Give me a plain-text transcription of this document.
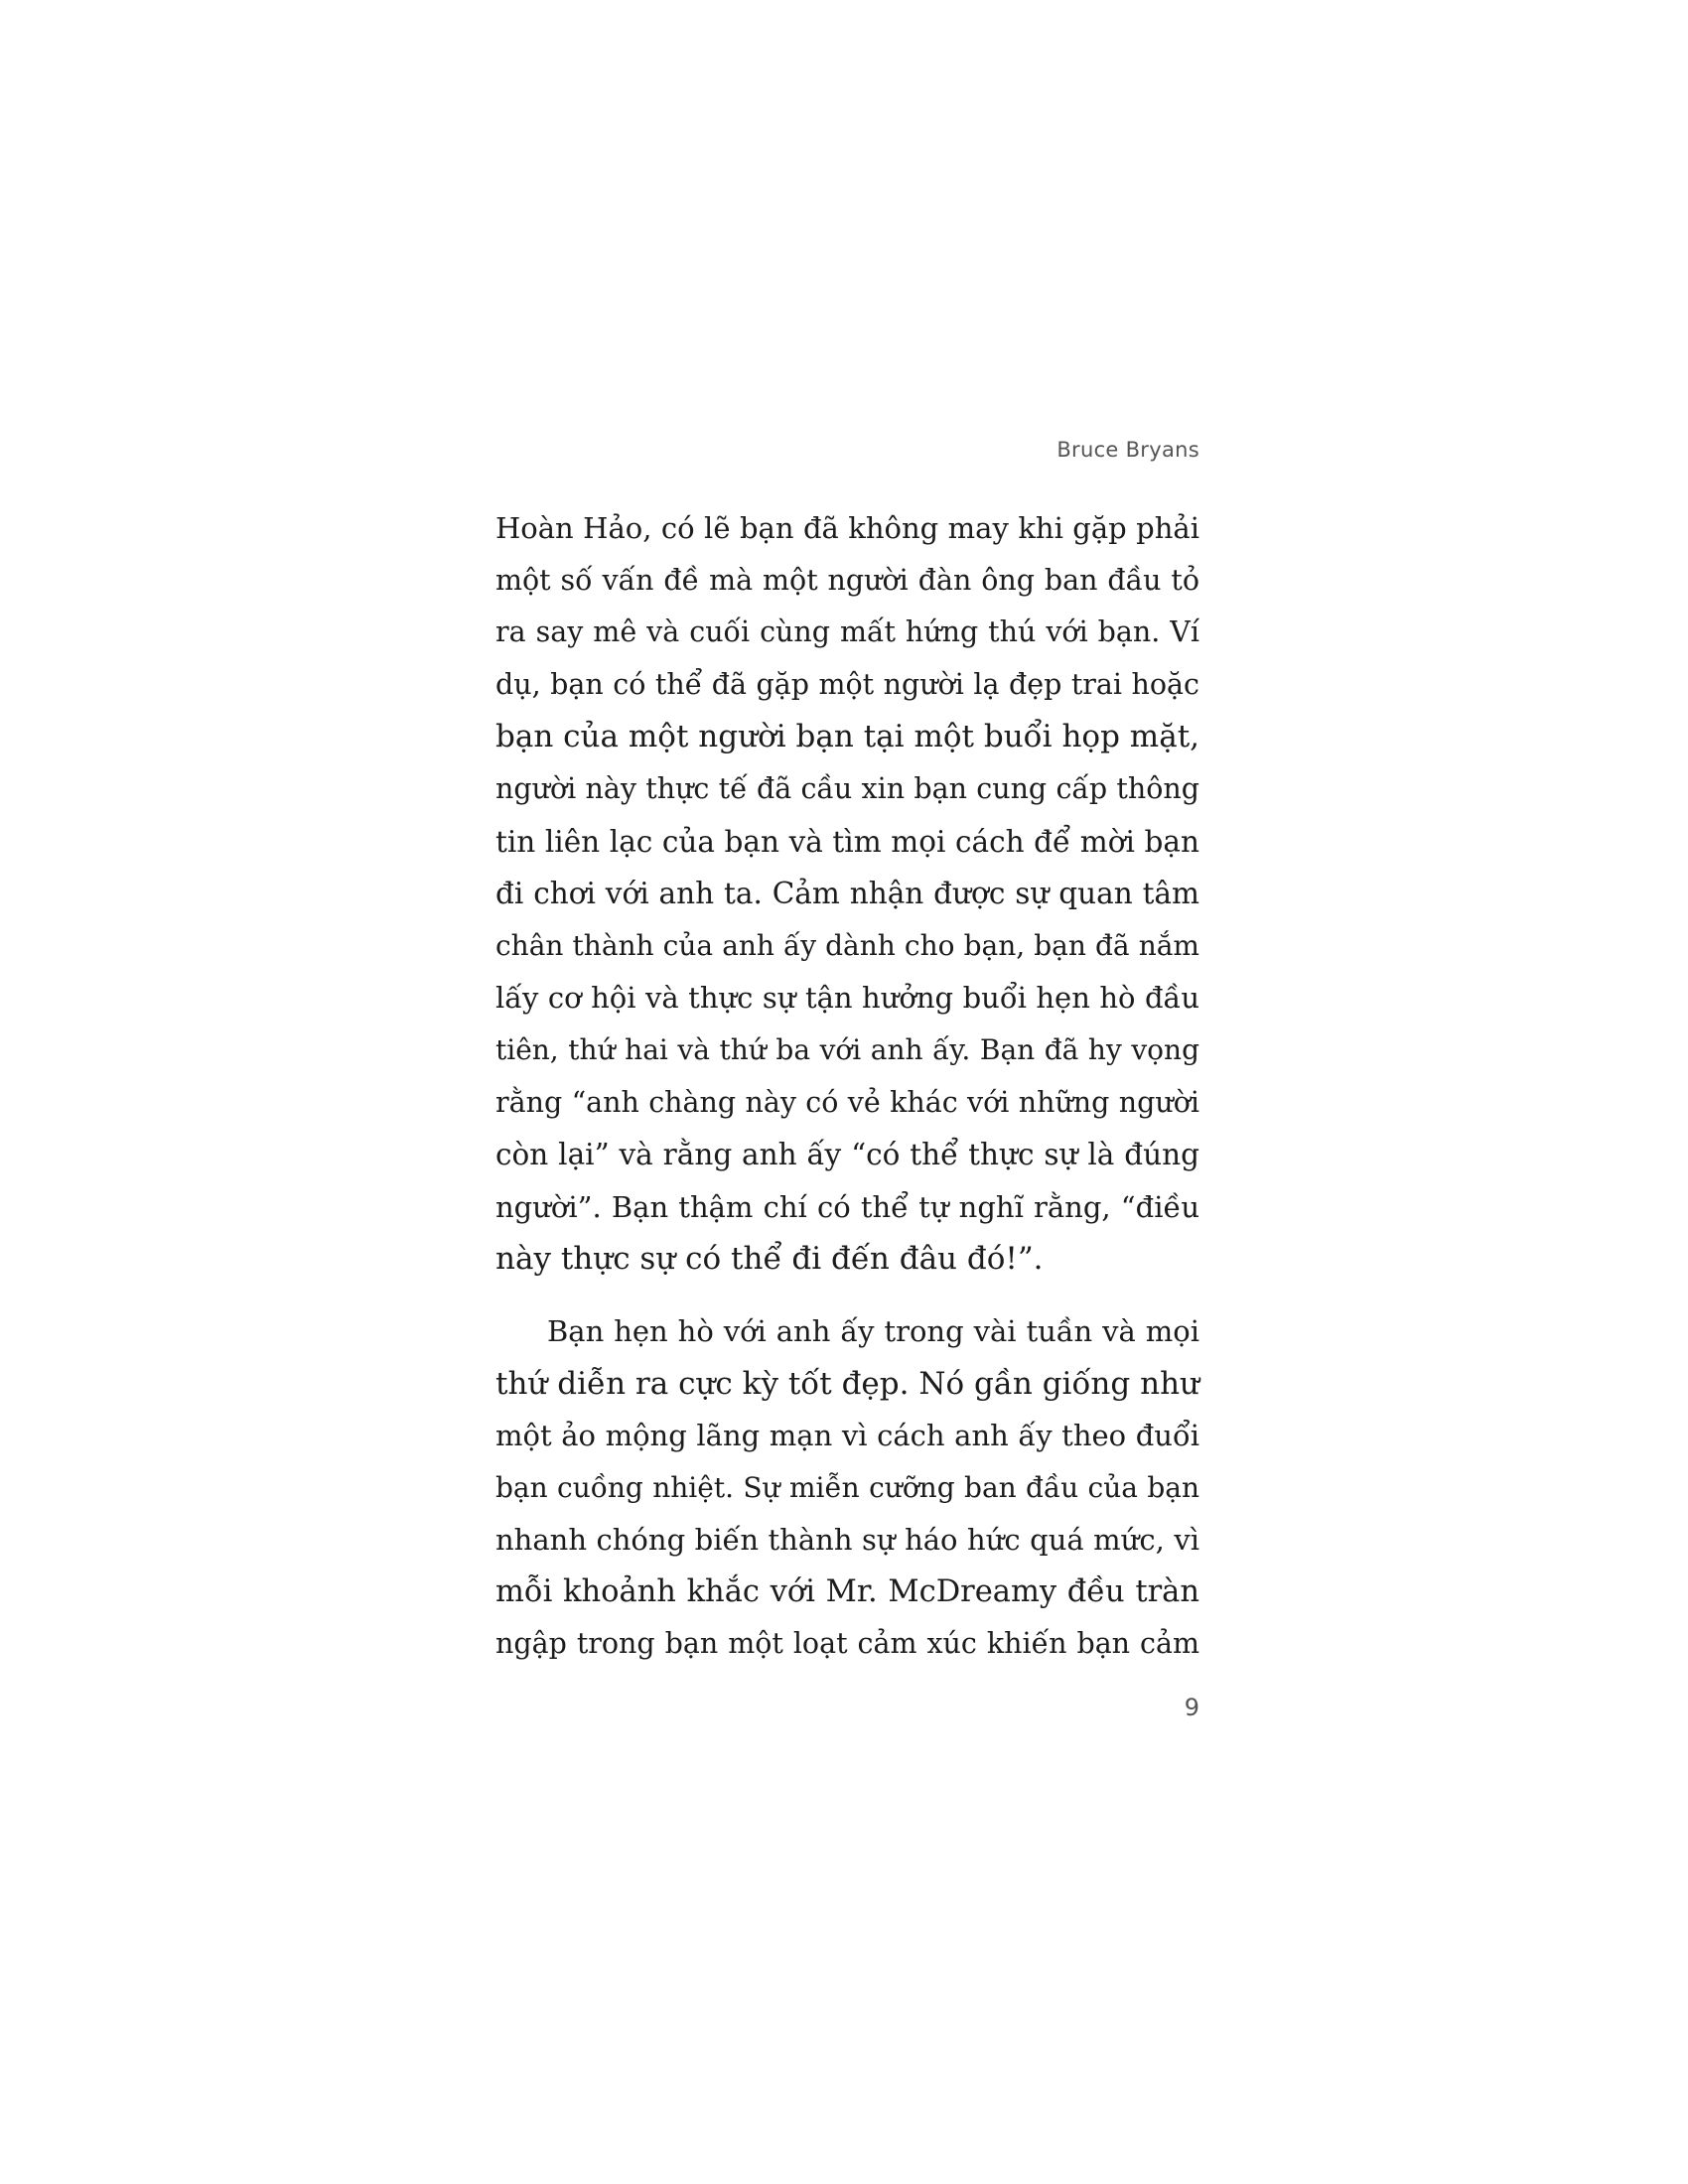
Bruce Bryans
Hoàn Hảo, có lẽ bạn đã không may khi gặp phải
một số vấn đề mà một người đàn ông ban đầu tỏ
ra say mê và cuối cùng mất hứng thú với bạn. Ví
dụ, bạn có thể đã gặp một người lạ đẹp trai hoặc
bạn của một người bạn tại một buổi họp mặt,
người này thực tế đã cầu xin bạn cung cấp thông
tin liên lạc của bạn và tìm mọi cách để mời bạn
đi chơi với anh ta. Cảm nhận được sự quan tâm
chân thành của anh ấy dành cho bạn, bạn đã nắm
lấy cơ hội và thực sự tận hưởng buổi hẹn hò đầu
tiên, thứ hai và thứ ba với anh ấy. Bạn đã hy vọng
rằng “anh chàng này có vẻ khác với những người
còn lại” và rằng anh ấy “có thể thực sự là đúng
người”. Bạn thậm chí có thể tự nghĩ rằng, “điều
này thực sự có thể đi đến đâu đó!”.
Bạn hẹn hò với anh ấy trong vài tuần và mọi
thứ diễn ra cực kỳ tốt đẹp. Nó gần giống như
một ảo mộng lãng mạn vì cách anh ấy theo đuổi
bạn cuồng nhiệt. Sự miễn cưỡng ban đầu của bạn
nhanh chóng biến thành sự háo hức quá mức, vì
mỗi khoảnh khắc với Mr. McDreamy đều tràn
ngập trong bạn một loạt cảm xúc khiến bạn cảm
9
